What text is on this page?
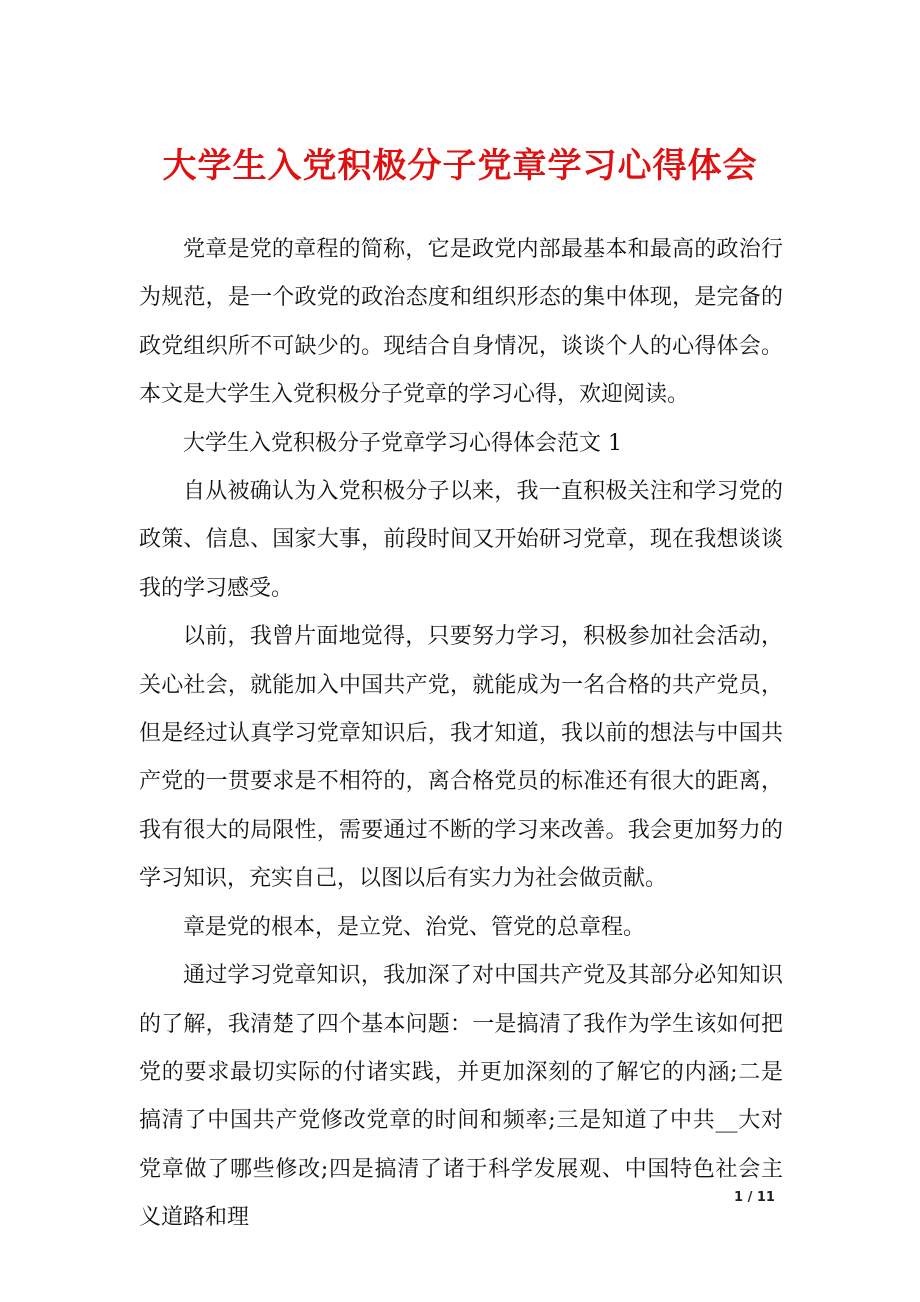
大学生入党积极分子党章学习心得体会

党章是党的章程的简称，它是政党内部最基本和最高的政治行为规范，是一个政党的政治态度和组织形态的集中体现，是完备的政党组织所不可缺少的。现结合自身情况，谈谈个人的心得体会。本文是大学生入党积极分子党章的学习心得，欢迎阅读。

大学生入党积极分子党章学习心得体会范文 1

自从被确认为入党积极分子以来，我一直积极关注和学习党的政策、信息、国家大事，前段时间又开始研习党章，现在我想谈谈我的学习感受。

以前，我曾片面地觉得，只要努力学习，积极参加社会活动，关心社会，就能加入中国共产党，就能成为一名合格的共产党员，但是经过认真学习党章知识后，我才知道，我以前的想法与中国共产党的一贯要求是不相符的，离合格党员的标准还有很大的距离，我有很大的局限性，需要通过不断的学习来改善。我会更加努力的学习知识，充实自己，以图以后有实力为社会做贡献。

章是党的根本，是立党、治党、管党的总章程。

通过学习党章知识，我加深了对中国共产党及其部分必知知识的了解，我清楚了四个基本问题：一是搞清了我作为学生该如何把党的要求最切实际的付诸实践，并更加深刻的了解它的内涵;二是搞清了中国共产党修改党章的时间和频率;三是知道了中共__大对党章做了哪些修改;四是搞清了诸于科学发展观、中国特色社会主义道路和理

1 / 11
